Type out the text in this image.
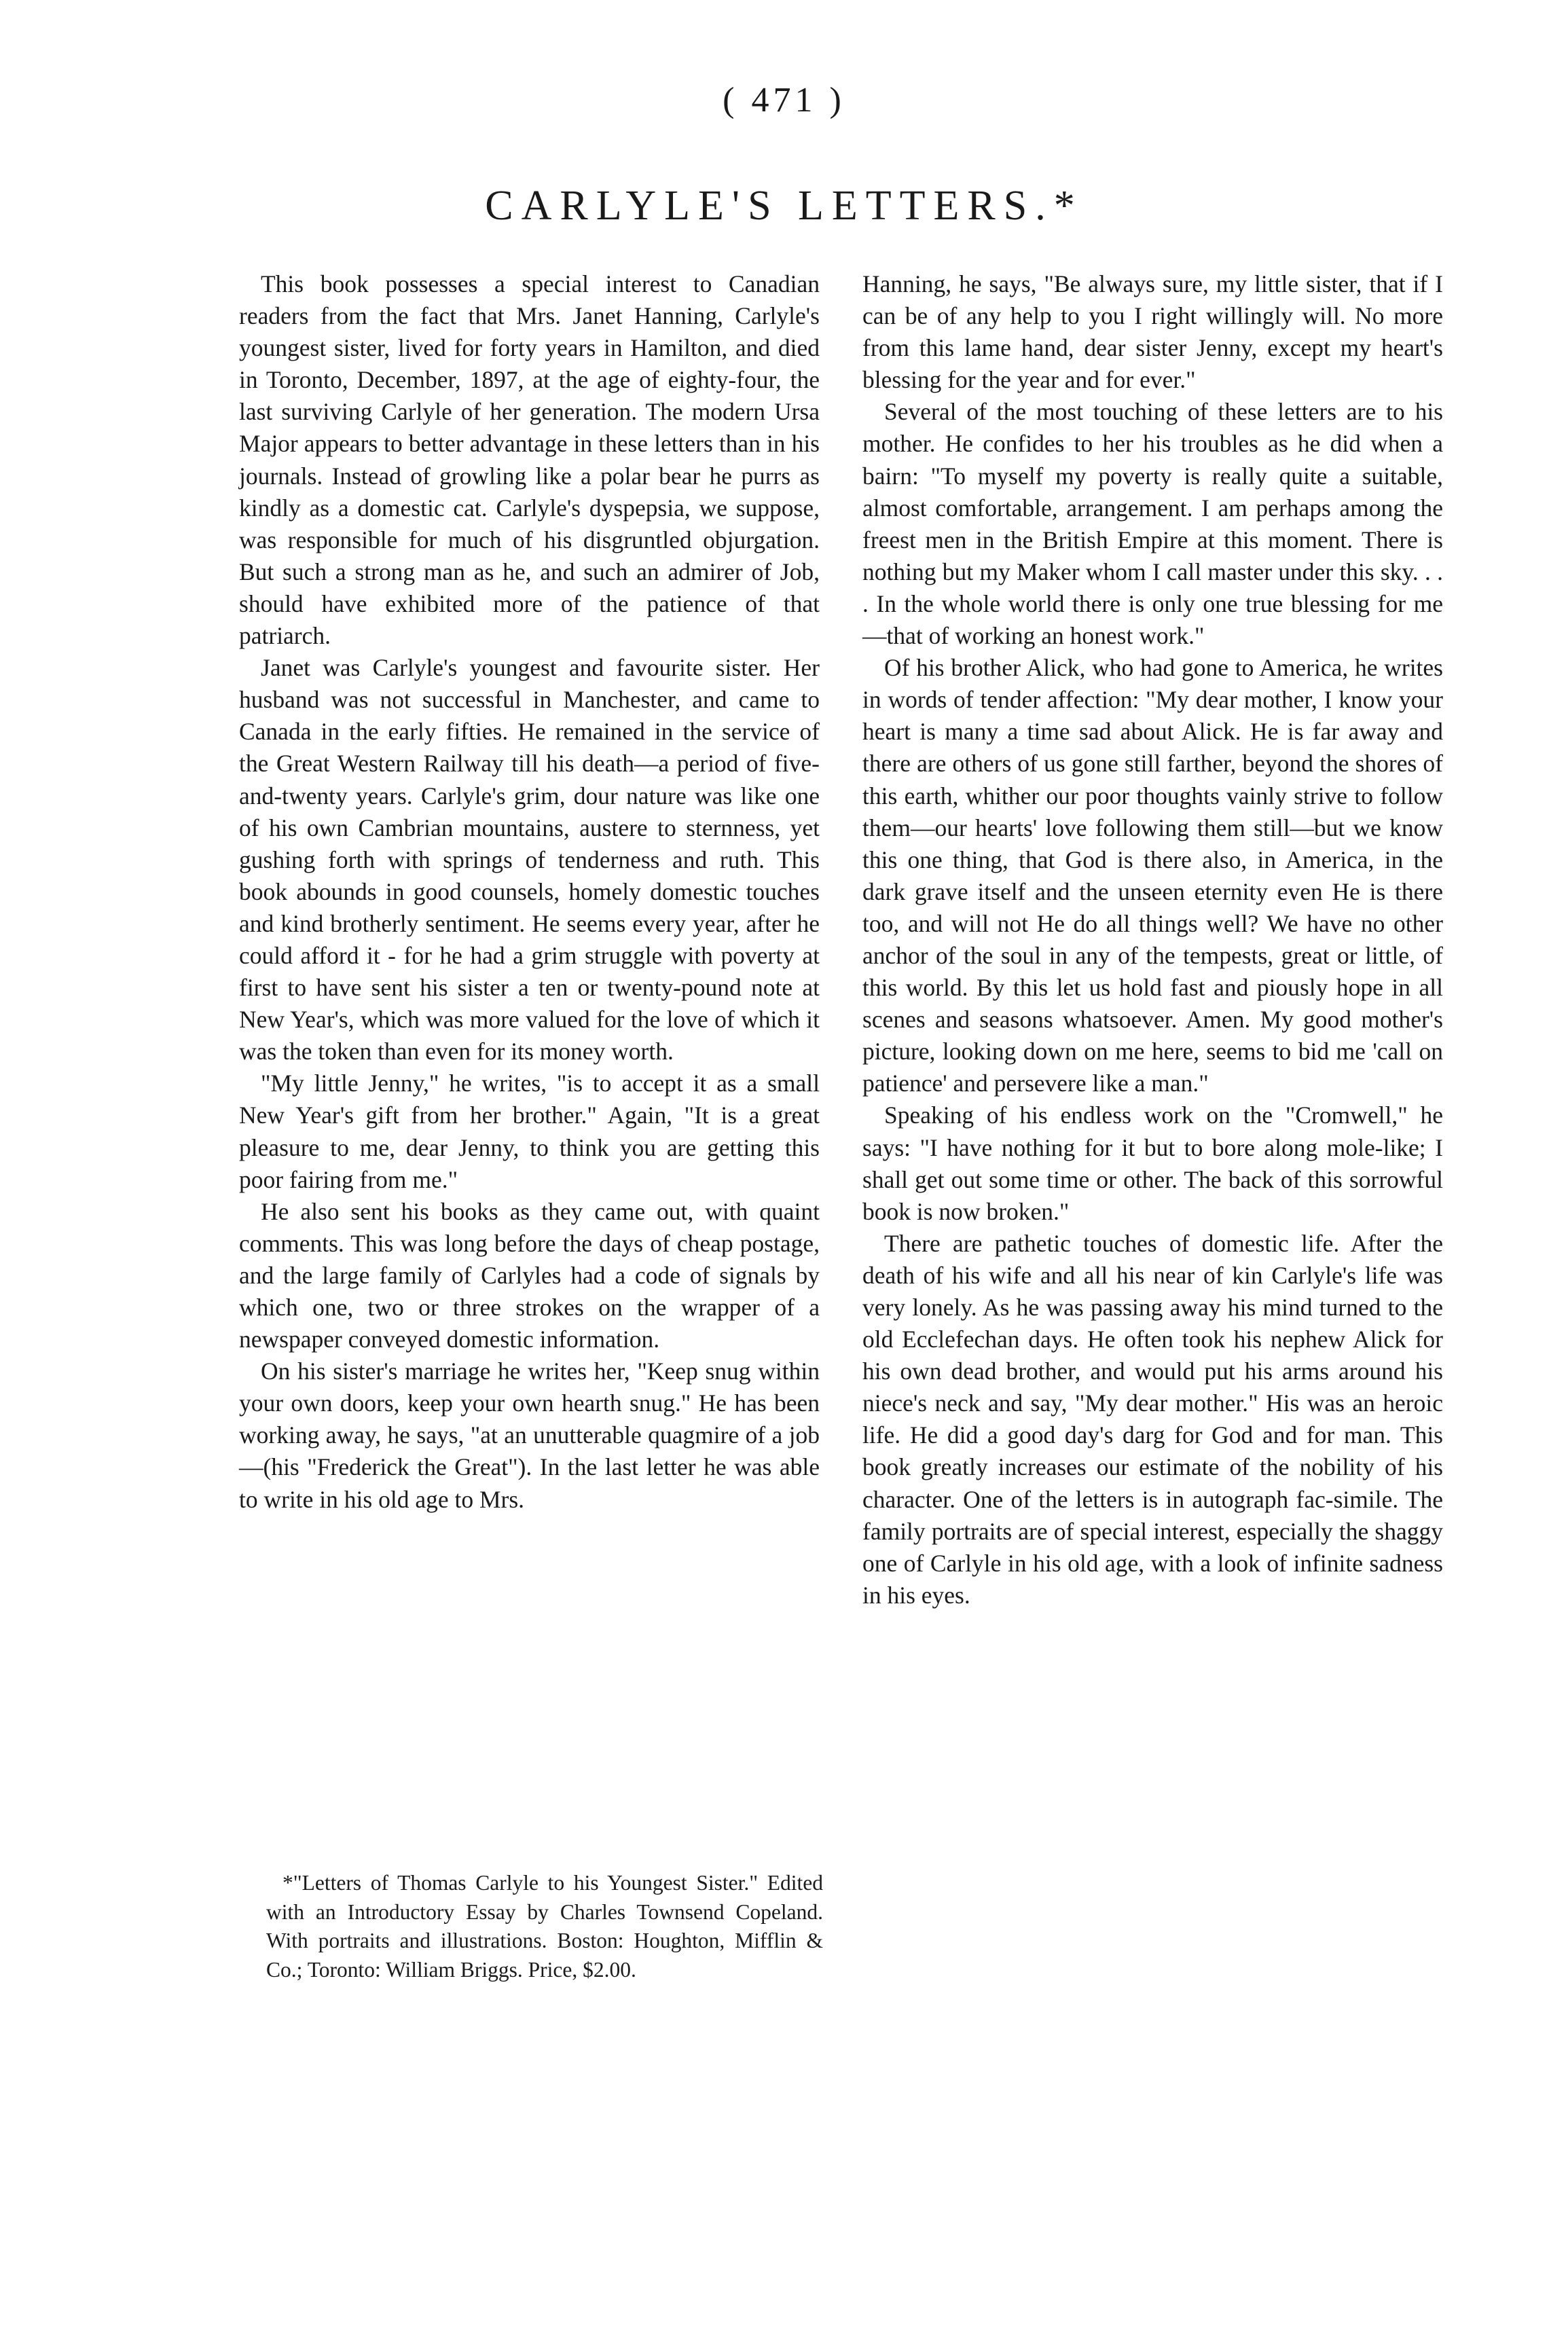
( 471 )
CARLYLE'S LETTERS.*

This book possesses a special interest to Canadian readers from the fact that Mrs. Janet Hanning, Carlyle's youngest sister, lived for forty years in Hamilton, and died in Toronto, December, 1897, at the age of eighty-four, the last surviving Carlyle of her generation. The modern Ursa Major appears to better advantage in these letters than in his journals. Instead of growling like a polar bear he purrs as kindly as a domestic cat. Carlyle's dyspepsia, we suppose, was responsible for much of his disgruntled objurgation. But such a strong man as he, and such an admirer of Job, should have exhibited more of the patience of that patriarch.

Janet was Carlyle's youngest and favourite sister. Her husband was not successful in Manchester, and came to Canada in the early fifties. He remained in the service of the Great Western Railway till his death—a period of five-and-twenty years. Carlyle's grim, dour nature was like one of his own Cambrian mountains, austere to sternness, yet gushing forth with springs of tenderness and ruth. This book abounds in good counsels, homely domestic touches and kind brotherly sentiment. He seems every year, after he could afford it - for he had a grim struggle with poverty at first to have sent his sister a ten or twenty-pound note at New Year's, which was more valued for the love of which it was the token than even for its money worth.

"My little Jenny," he writes, "is to accept it as a small New Year's gift from her brother." Again, "It is a great pleasure to me, dear Jenny, to think you are getting this poor fairing from me."

He also sent his books as they came out, with quaint comments. This was long before the days of cheap postage, and the large family of Carlyles had a code of signals by which one, two or three strokes on the wrapper of a newspaper conveyed domestic information.

On his sister's marriage he writes her, "Keep snug within your own doors, keep your own hearth snug." He has been working away, he says, "at an unutterable quagmire of a job—(his "Frederick the Great"). In the last letter he was able to write in his old age to Mrs.

*"Letters of Thomas Carlyle to his Youngest Sister." Edited with an Introductory Essay by Charles Townsend Copeland. With portraits and illustrations. Boston: Houghton, Mifflin & Co.; Toronto: William Briggs. Price, $2.00.

Hanning, he says, "Be always sure, my little sister, that if I can be of any help to you I right willingly will. No more from this lame hand, dear sister Jenny, except my heart's blessing for the year and for ever."

Several of the most touching of these letters are to his mother. He confides to her his troubles as he did when a bairn: "To myself my poverty is really quite a suitable, almost comfortable, arrangement. I am perhaps among the freest men in the British Empire at this moment. There is nothing but my Maker whom I call master under this sky. . . . In the whole world there is only one true blessing for me—that of working an honest work."

Of his brother Alick, who had gone to America, he writes in words of tender affection: "My dear mother, I know your heart is many a time sad about Alick. He is far away and there are others of us gone still farther, beyond the shores of this earth, whither our poor thoughts vainly strive to follow them—our hearts' love following them still—but we know this one thing, that God is there also, in America, in the dark grave itself and the unseen eternity even He is there too, and will not He do all things well? We have no other anchor of the soul in any of the tempests, great or little, of this world. By this let us hold fast and piously hope in all scenes and seasons whatsoever. Amen. My good mother's picture, looking down on me here, seems to bid me 'call on patience' and persevere like a man."

Speaking of his endless work on the "Cromwell," he says: "I have nothing for it but to bore along mole-like; I shall get out some time or other. The back of this sorrowful book is now broken."

There are pathetic touches of domestic life. After the death of his wife and all his near of kin Carlyle's life was very lonely. As he was passing away his mind turned to the old Ecclefechan days. He often took his nephew Alick for his own dead brother, and would put his arms around his niece's neck and say, "My dear mother." His was an heroic life. He did a good day's darg for God and for man. This book greatly increases our estimate of the nobility of his character. One of the letters is in autograph fac-simile. The family portraits are of special interest, especially the shaggy one of Carlyle in his old age, with a look of infinite sadness in his eyes.
